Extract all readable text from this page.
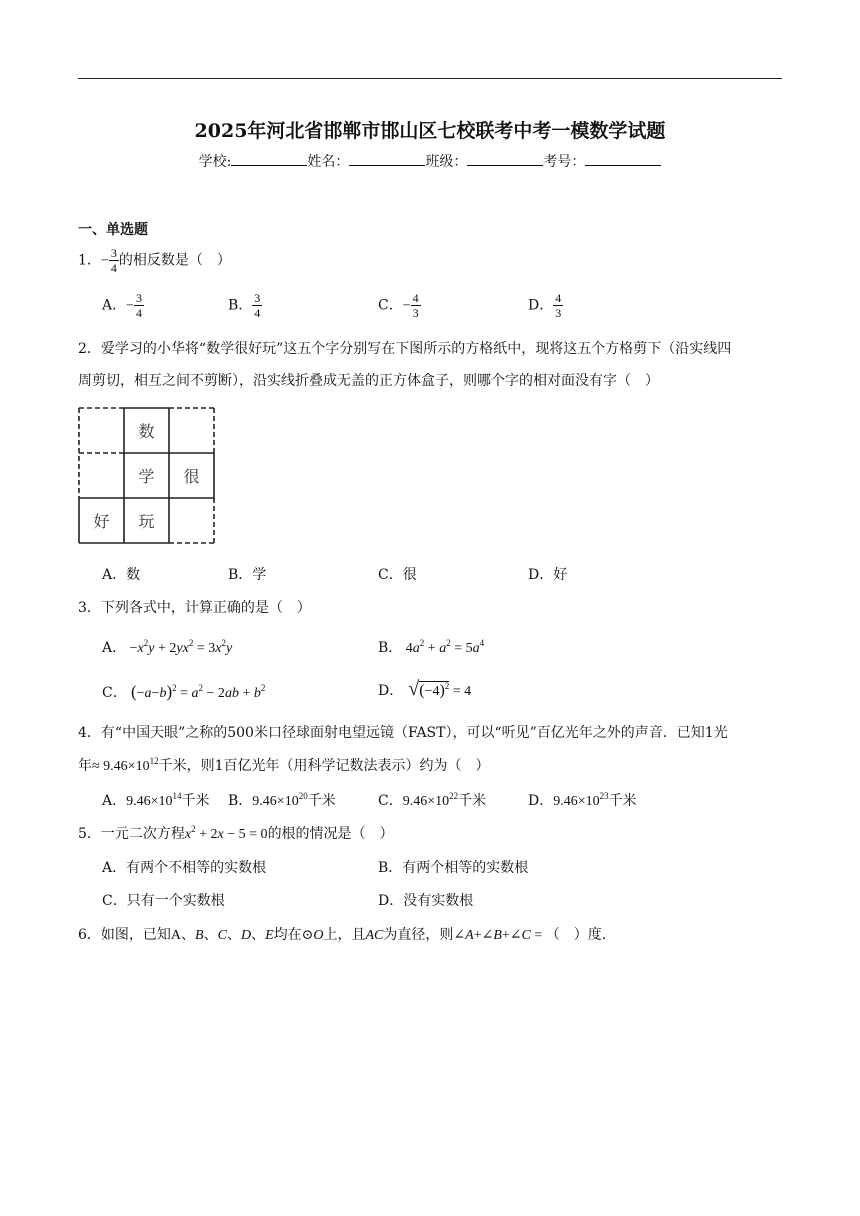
2025年河北省邯郸市邯山区七校联考中考一模数学试题
学校:	姓名：	班级：	考号：
一、单选题
1．− $\frac{3}{4}$ 的相反数是（　）
A．− $\frac{3}{4}$	B． $\frac{3}{4}$	C．− $\frac{4}{3}$	D． $\frac{4}{3}$
2．爱学习的小华将“数学很好玩”这五个字分别写在下图所示的方格纸中，现将这五个方格剪下（沿实线四
周剪切，相互之间不剪断），沿实线折叠成无盖的正方体盒子，则哪个字的相对面没有字（　）
数
学	很
好	玩
A．数	B．学	C．很	D．好
3．下列各式中，计算正确的是（　）
A． $-x^2y + 2yx^2 = 3x^2y$	B． $4a^2 + a^2 = 5a^4$
C． $(-a-b)^2 = a^2 - 2ab + b^2$	D． $√(-4)^2 = 4$
4．有“中国天眼”之称的500米口径球面射电望远镜（FAST），可以“听见”百亿光年之外的声音．已知1光
年≈ $9.46\times 10^{12}$千米，则1百亿光年（用科学记数法表示）约为（　）
A．$9.46\times 10^{14}$千米 B．$9.46\times 10^{20}$千米	C．$9.46\times 10^{22}$千米	D．$9.46\times 10^{23}$千米
5．一元二次方程$x^2 + 2x - 5 = 0$的根的情况是（　）
A．有两个不相等的实数根	B．有两个相等的实数根
C．只有一个实数根	D．没有实数根
6．如图，已知A、B、C、D、E均在⊙O上，且AC为直径，则∠A+∠B+∠C = （　）度．
